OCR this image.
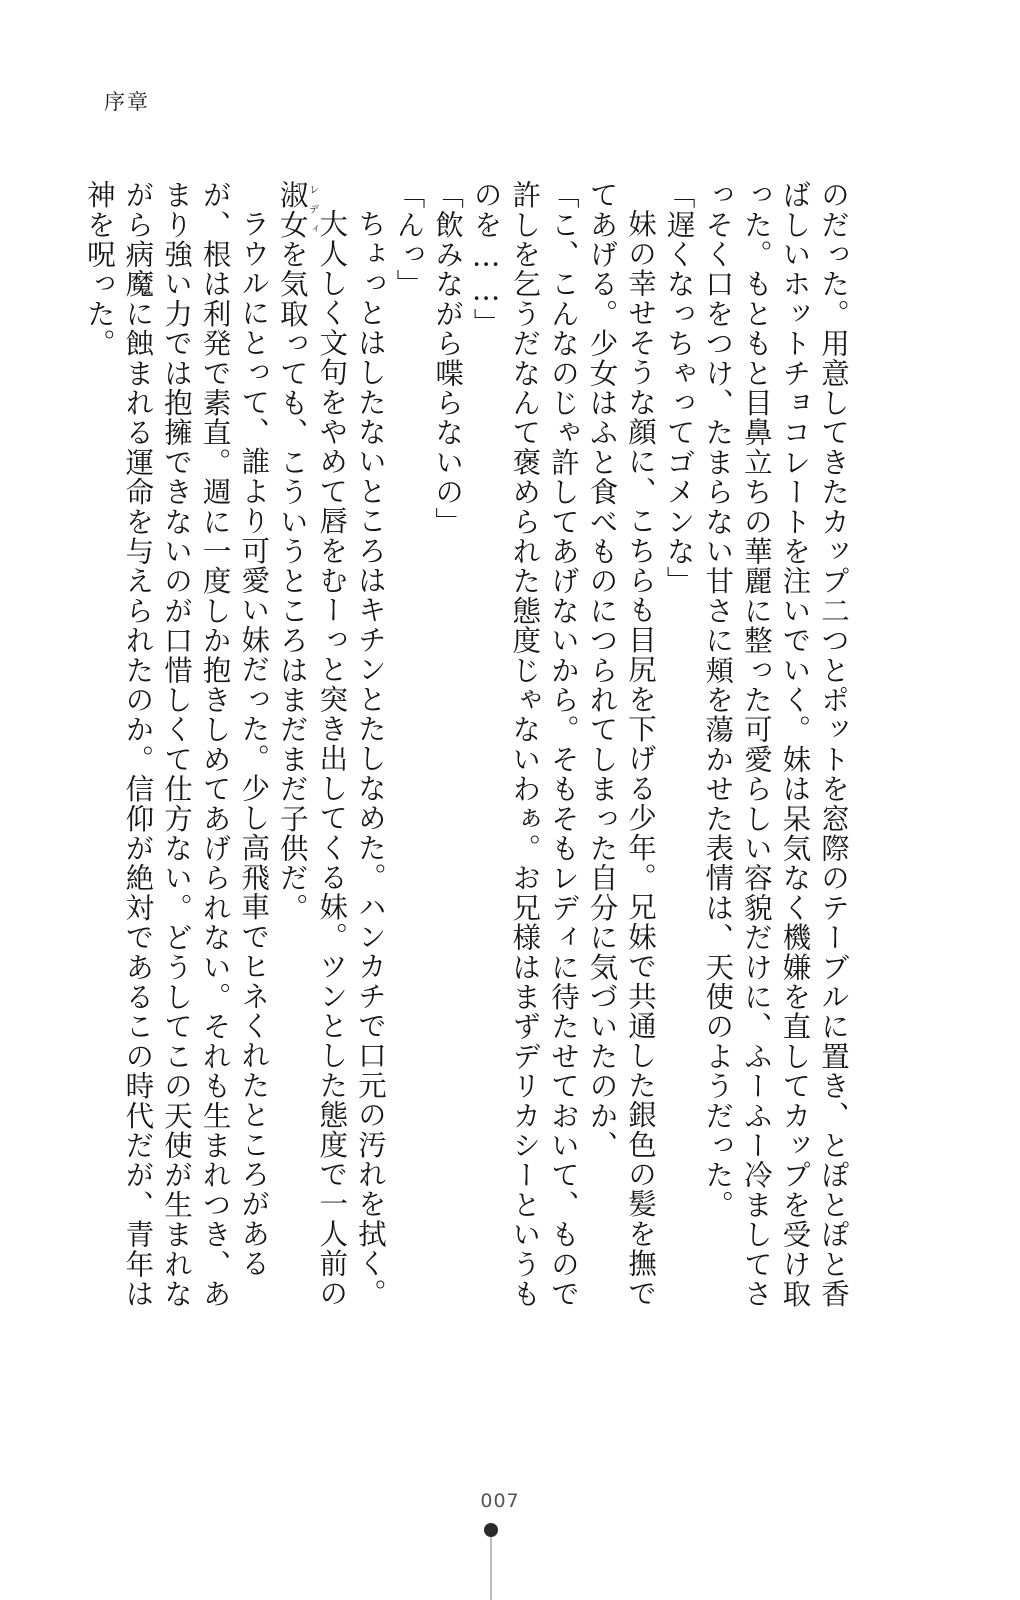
序章

のだった。用意してきたカップ二つとポットを窓際のテーブルに置き、とぽとぽと香ばしいホットチョコレートを注いでいく。妹は呆気なく機嫌を直してカップを受け取った。もともと目鼻立ちの華麗に整った可愛らしい容貌だけに、ふーふー冷ましてさっそく口をつけ、たまらない甘さに頬を蕩かせた表情は、天使のようだった。

「遅くなっちゃってゴメンな」

妹の幸せそうな顔に、こちらも目尻を下げる少年。兄妹で共通した銀色の髪を撫でてあげる。少女はふと食べものにつられてしまった自分に気づいたのか、

「こ、こんなのじゃ許してあげないから。そもそもレディに待たせておいて、もので許しを乞うだなんて褒められた態度じゃないわぁ。お兄様はまずデリカシーというものを……」

「飲みながら喋らないの」

「んっ」

ちょっとはしたないところはキチンとたしなめた。ハンカチで口元の汚れを拭く。

大人しく文句をやめて唇をむーっと突き出してくる妹。ツンとした態度で一人前の淑女レディを気取っても、こういうところはまだまだ子供だ。

ラウルにとって、誰より可愛い妹だった。少し高飛車でヒネくれたところがあるが、根は利発で素直。週に一度しか抱きしめてあげられない。それも生まれつき、あまり強い力では抱擁できないのが口惜しくて仕方ない。どうしてこの天使が生まれながら病魔に蝕まれる運命を与えられたのか。信仰が絶対であるこの時代だが、青年は神を呪った。

007
